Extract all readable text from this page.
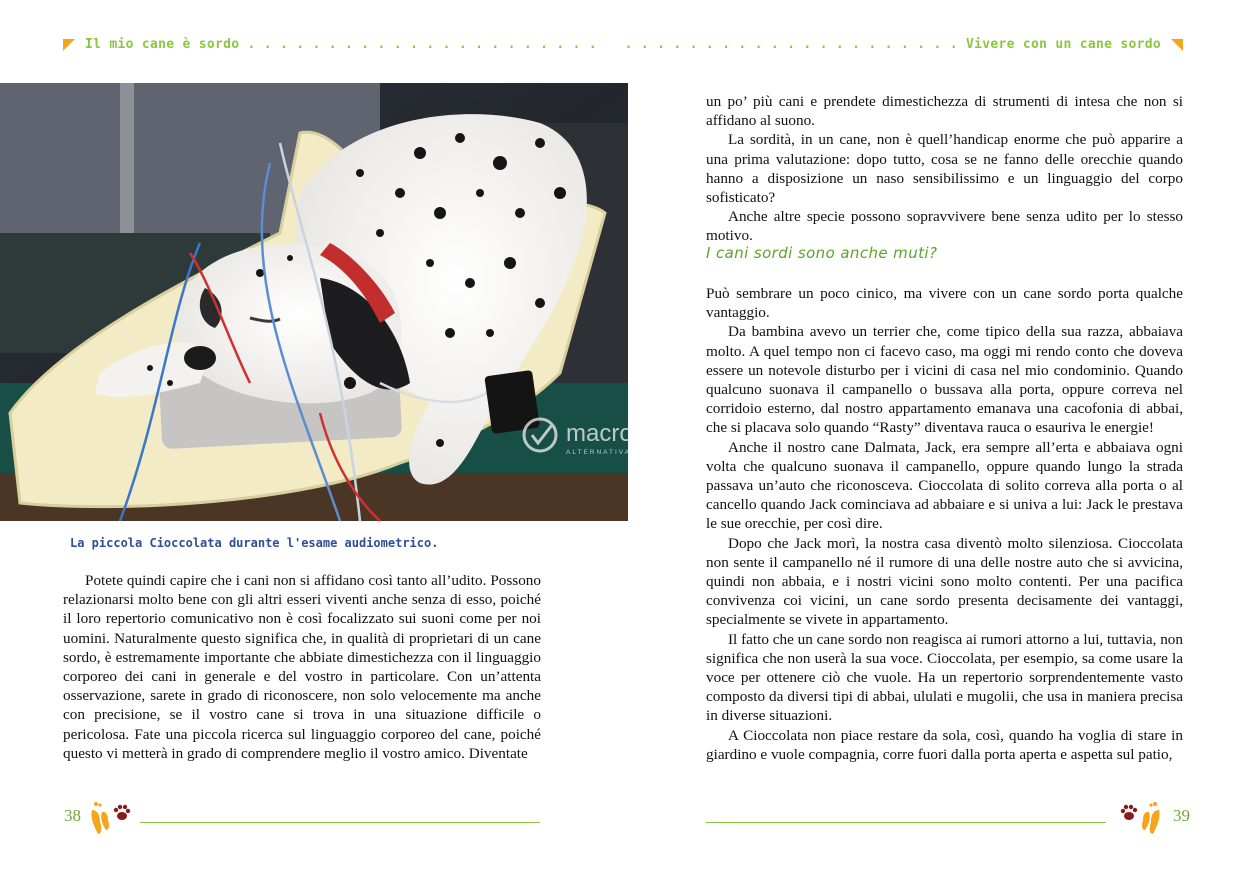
Il mio cane è sordo . . . . . . . . . . . . . . . . . . . . . .
macrolibrarsi
ALTERNATIVA NATURALE
La piccola Cioccolata durante l'esame audiometrico.

Potete quindi capire che i cani non si affidano così tanto all’udito. Possono relazionarsi molto bene con gli altri esseri viventi anche senza di esso, poiché il loro repertorio comunicativo non è così focalizzato sui suoni come per noi uomini. Naturalmente questo significa che, in qualità di proprietari di un cane sordo, è estremamente importante che abbiate dimestichezza con il linguaggio corporeo dei cani in generale e del vostro in particolare. Con un’attenta osservazione, sarete in grado di riconoscere, non solo velocemente ma anche con precisione, se il vostro cane si trova in una situazione difficile o pericolosa. Fate una piccola ricerca sul linguaggio corporeo del cane, poiché questo vi metterà in grado di comprendere meglio il vostro amico. Diventate

38
. . . . . . . . . . . . . . . . . . . . . Vivere con un cane sordo

un po’ più cani e prendete dimestichezza di strumenti di intesa che non si affidano al suono.

La sordità, in un cane, non è quell’handicap enorme che può apparire a una prima valutazione: dopo tutto, cosa se ne fanno delle orecchie quando hanno a disposizione un naso sensibilissimo e un linguaggio del corpo sofisticato?

Anche altre specie possono sopravvivere bene senza udito per lo stesso motivo.

I cani sordi sono anche muti?

Può sembrare un poco cinico, ma vivere con un cane sordo porta qualche vantaggio.

Da bambina avevo un terrier che, come tipico della sua razza, abbaiava molto. A quel tempo non ci facevo caso, ma oggi mi rendo conto che doveva essere un notevole disturbo per i vicini di casa nel mio condominio. Quando qualcuno suonava il campanello o bussava alla porta, oppure correva nel corridoio esterno, dal nostro appartamento emanava una cacofonia di abbai, che si placava solo quando “Rasty” diventava rauca o esauriva le energie!

Anche il nostro cane Dalmata, Jack, era sempre all’erta e abbaiava ogni volta che qualcuno suonava il campanello, oppure quando lungo la strada passava un’auto che riconosceva. Cioccolata di solito correva alla porta o al cancello quando Jack cominciava ad abbaiare e si univa a lui: Jack le prestava le sue orecchie, per così dire.

Dopo che Jack morì, la nostra casa diventò molto silenziosa. Cioccolata non sente il campanello né il rumore di una delle nostre auto che si avvicina, quindi non abbaia, e i nostri vicini sono molto contenti. Per una pacifica convivenza coi vicini, un cane sordo presenta decisamente dei vantaggi, specialmente se vivete in appartamento.

Il fatto che un cane sordo non reagisca ai rumori attorno a lui, tuttavia, non significa che non userà la sua voce. Cioccolata, per esempio, sa come usare la voce per ottenere ciò che vuole. Ha un repertorio sorprendentemente vasto composto da diversi tipi di abbai, ululati e mugolii, che usa in maniera precisa in diverse situazioni.

A Cioccolata non piace restare da sola, così, quando ha voglia di stare in giardino e vuole compagnia, corre fuori dalla porta aperta e aspetta sul patio,

39
